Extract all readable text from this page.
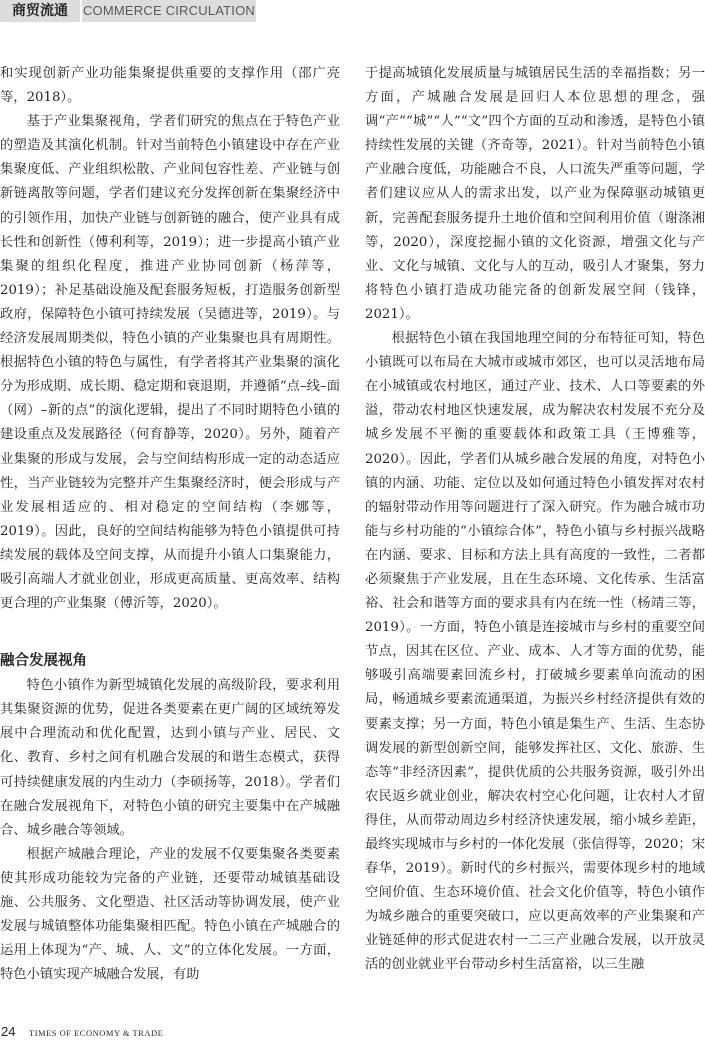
商贸流通	COMMERCE CIRCULATION

和实现创新产业功能集聚提供重要的支撑作用（邵广亮等，2018）。

基于产业集聚视角，学者们研究的焦点在于特色产业的塑造及其演化机制。针对当前特色小镇建设中存在产业集聚度低、产业组织松散、产业间包容性差、产业链与创新链离散等问题，学者们建议充分发挥创新在集聚经济中的引领作用，加快产业链与创新链的融合，使产业具有成长性和创新性（傅利利等，2019）；进一步提高小镇产业集聚的组织化程度，推进产业协同创新（杨萍等，2019）；补足基础设施及配套服务短板，打造服务创新型政府，保障特色小镇可持续发展（吴德进等，2019）。与经济发展周期类似，特色小镇的产业集聚也具有周期性。根据特色小镇的特色与属性，有学者将其产业集聚的演化分为形成期、成长期、稳定期和衰退期，并遵循“点–线–面（网）–新的点”的演化逻辑，提出了不同时期特色小镇的建设重点及发展路径（何育静等，2020）。另外，随着产业集聚的形成与发展，会与空间结构形成一定的动态适应性，当产业链较为完整并产生集聚经济时，便会形成与产业发展相适应的、相对稳定的空间结构（李娜等，2019）。因此，良好的空间结构能够为特色小镇提供可持续发展的载体及空间支撑，从而提升小镇人口集聚能力，吸引高端人才就业创业，形成更高质量、更高效率、结构更合理的产业集聚（傅沂等，2020）。

融合发展视角

特色小镇作为新型城镇化发展的高级阶段，要求利用其集聚资源的优势，促进各类要素在更广阔的区域统筹发展中合理流动和优化配置，达到小镇与产业、居民、文化、教育、乡村之间有机融合发展的和谐生态模式，获得可持续健康发展的内生动力（李硕扬等，2018）。学者们在融合发展视角下，对特色小镇的研究主要集中在产城融合、城乡融合等领域。

根据产城融合理论，产业的发展不仅要集聚各类要素使其形成功能较为完备的产业链，还要带动城镇基础设施、公共服务、文化塑造、社区活动等协调发展，使产业发展与城镇整体功能集聚相匹配。特色小镇在产城融合的运用上体现为“产、城、人、文”的立体化发展。一方面，特色小镇实现产城融合发展，有助

于提高城镇化发展质量与城镇居民生活的幸福指数；另一方面，产城融合发展是回归人本位思想的理念，强调“产”“城”“人”“文”四个方面的互动和渗透，是特色小镇持续性发展的关键（齐奇等，2021）。针对当前特色小镇产业融合度低，功能融合不良，人口流失严重等问题，学者们建议应从人的需求出发，以产业为保障驱动城镇更新，完善配套服务提升土地价值和空间利用价值（谢涤湘等，2020），深度挖掘小镇的文化资源，增强文化与产业、文化与城镇、文化与人的互动，吸引人才聚集，努力将特色小镇打造成功能完备的创新发展空间（钱锋，2021）。

根据特色小镇在我国地理空间的分布特征可知，特色小镇既可以布局在大城市或城市郊区，也可以灵活地布局在小城镇或农村地区，通过产业、技术、人口等要素的外溢，带动农村地区快速发展，成为解决农村发展不充分及城乡发展不平衡的重要载体和政策工具（王博雅等，2020）。因此，学者们从城乡融合发展的角度，对特色小镇的内涵、功能、定位以及如何通过特色小镇发挥对农村的辐射带动作用等问题进行了深入研究。作为融合城市功能与乡村功能的“小镇综合体”，特色小镇与乡村振兴战略在内涵、要求、目标和方法上具有高度的一致性，二者都必须聚焦于产业发展，且在生态环境、文化传承、生活富裕、社会和谐等方面的要求具有内在统一性（杨靖三等，2019）。一方面，特色小镇是连接城市与乡村的重要空间节点，因其在区位、产业、成本、人才等方面的优势，能够吸引高端要素回流乡村，打破城乡要素单向流动的困局，畅通城乡要素流通渠道，为振兴乡村经济提供有效的要素支撑；另一方面，特色小镇是集生产、生活、生态协调发展的新型创新空间，能够发挥社区、文化、旅游、生态等“非经济因素”，提供优质的公共服务资源，吸引外出农民返乡就业创业，解决农村空心化问题，让农村人才留得住，从而带动周边乡村经济快速发展，缩小城乡差距，最终实现城市与乡村的一体化发展（张信得等，2020；宋春华，2019）。新时代的乡村振兴，需要体现乡村的地域空间价值、生态环境价值、社会文化价值等，特色小镇作为城乡融合的重要突破口，应以更高效率的产业集聚和产业链延伸的形式促进农村一二三产业融合发展，以开放灵活的创业就业平台带动乡村生活富裕，以三生融

24 TIMES OF ECONOMY & TRADE
